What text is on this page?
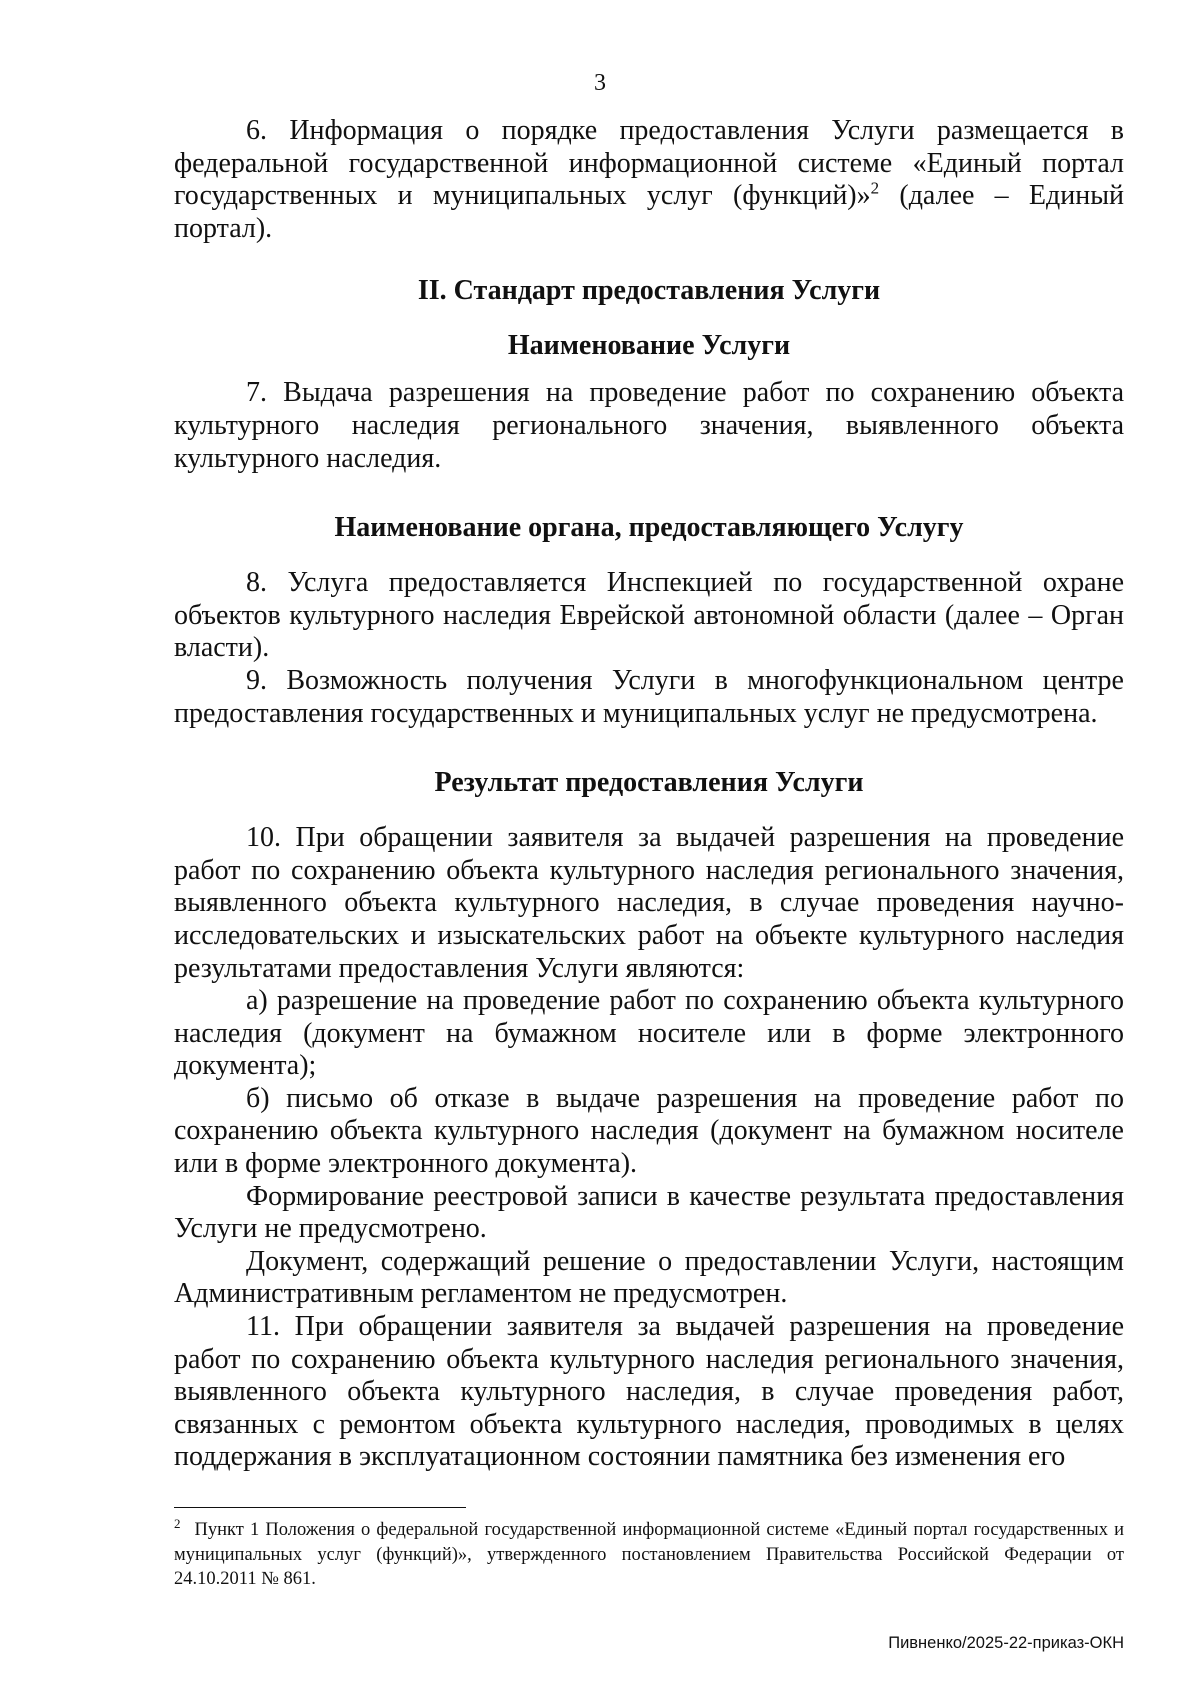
3

6. Информация о порядке предоставления Услуги размещается в федеральной государственной информационной системе «Единый портал государственных и муниципальных услуг (функций)»$^2$ (далее – Единый портал).

II. Стандарт предоставления Услуги
Наименование Услуги

7. Выдача разрешения на проведение работ по сохранению объекта культурного наследия регионального значения, выявленного объекта культурного наследия.

Наименование органа, предоставляющего Услугу

8. Услуга предоставляется Инспекцией по государственной охране объектов культурного наследия Еврейской автономной области (далее – Орган власти).

9. Возможность получения Услуги в многофункциональном центре предоставления государственных и муниципальных услуг не предусмотрена.

Результат предоставления Услуги

10. При обращении заявителя за выдачей разрешения на проведение работ по сохранению объекта культурного наследия регионального значения, выявленного объекта культурного наследия, в случае проведения научно-исследовательских и изыскательских работ на объекте культурного наследия результатами предоставления Услуги являются:

а) разрешение на проведение работ по сохранению объекта культурного наследия (документ на бумажном носителе или в форме электронного документа);

б) письмо об отказе в выдаче разрешения на проведение работ по сохранению объекта культурного наследия (документ на бумажном носителе или в форме электронного документа).

Формирование реестровой записи в качестве результата предоставления Услуги не предусмотрено.

Документ, содержащий решение о предоставлении Услуги, настоящим Административным регламентом не предусмотрен.

11. При обращении заявителя за выдачей разрешения на проведение работ по сохранению объекта культурного наследия регионального значения, выявленного объекта культурного наследия, в случае проведения работ, связанных с ремонтом объекта культурного наследия, проводимых в целях поддержания в эксплуатационном состоянии памятника без изменения его

$^2$ Пункт 1 Положения о федеральной государственной информационной системе «Единый портал государственных и муниципальных услуг (функций)», утвержденного постановлением Правительства Российской Федерации от 24.10.2011 № 861.
Пивненко/2025-22-приказ-ОКН
